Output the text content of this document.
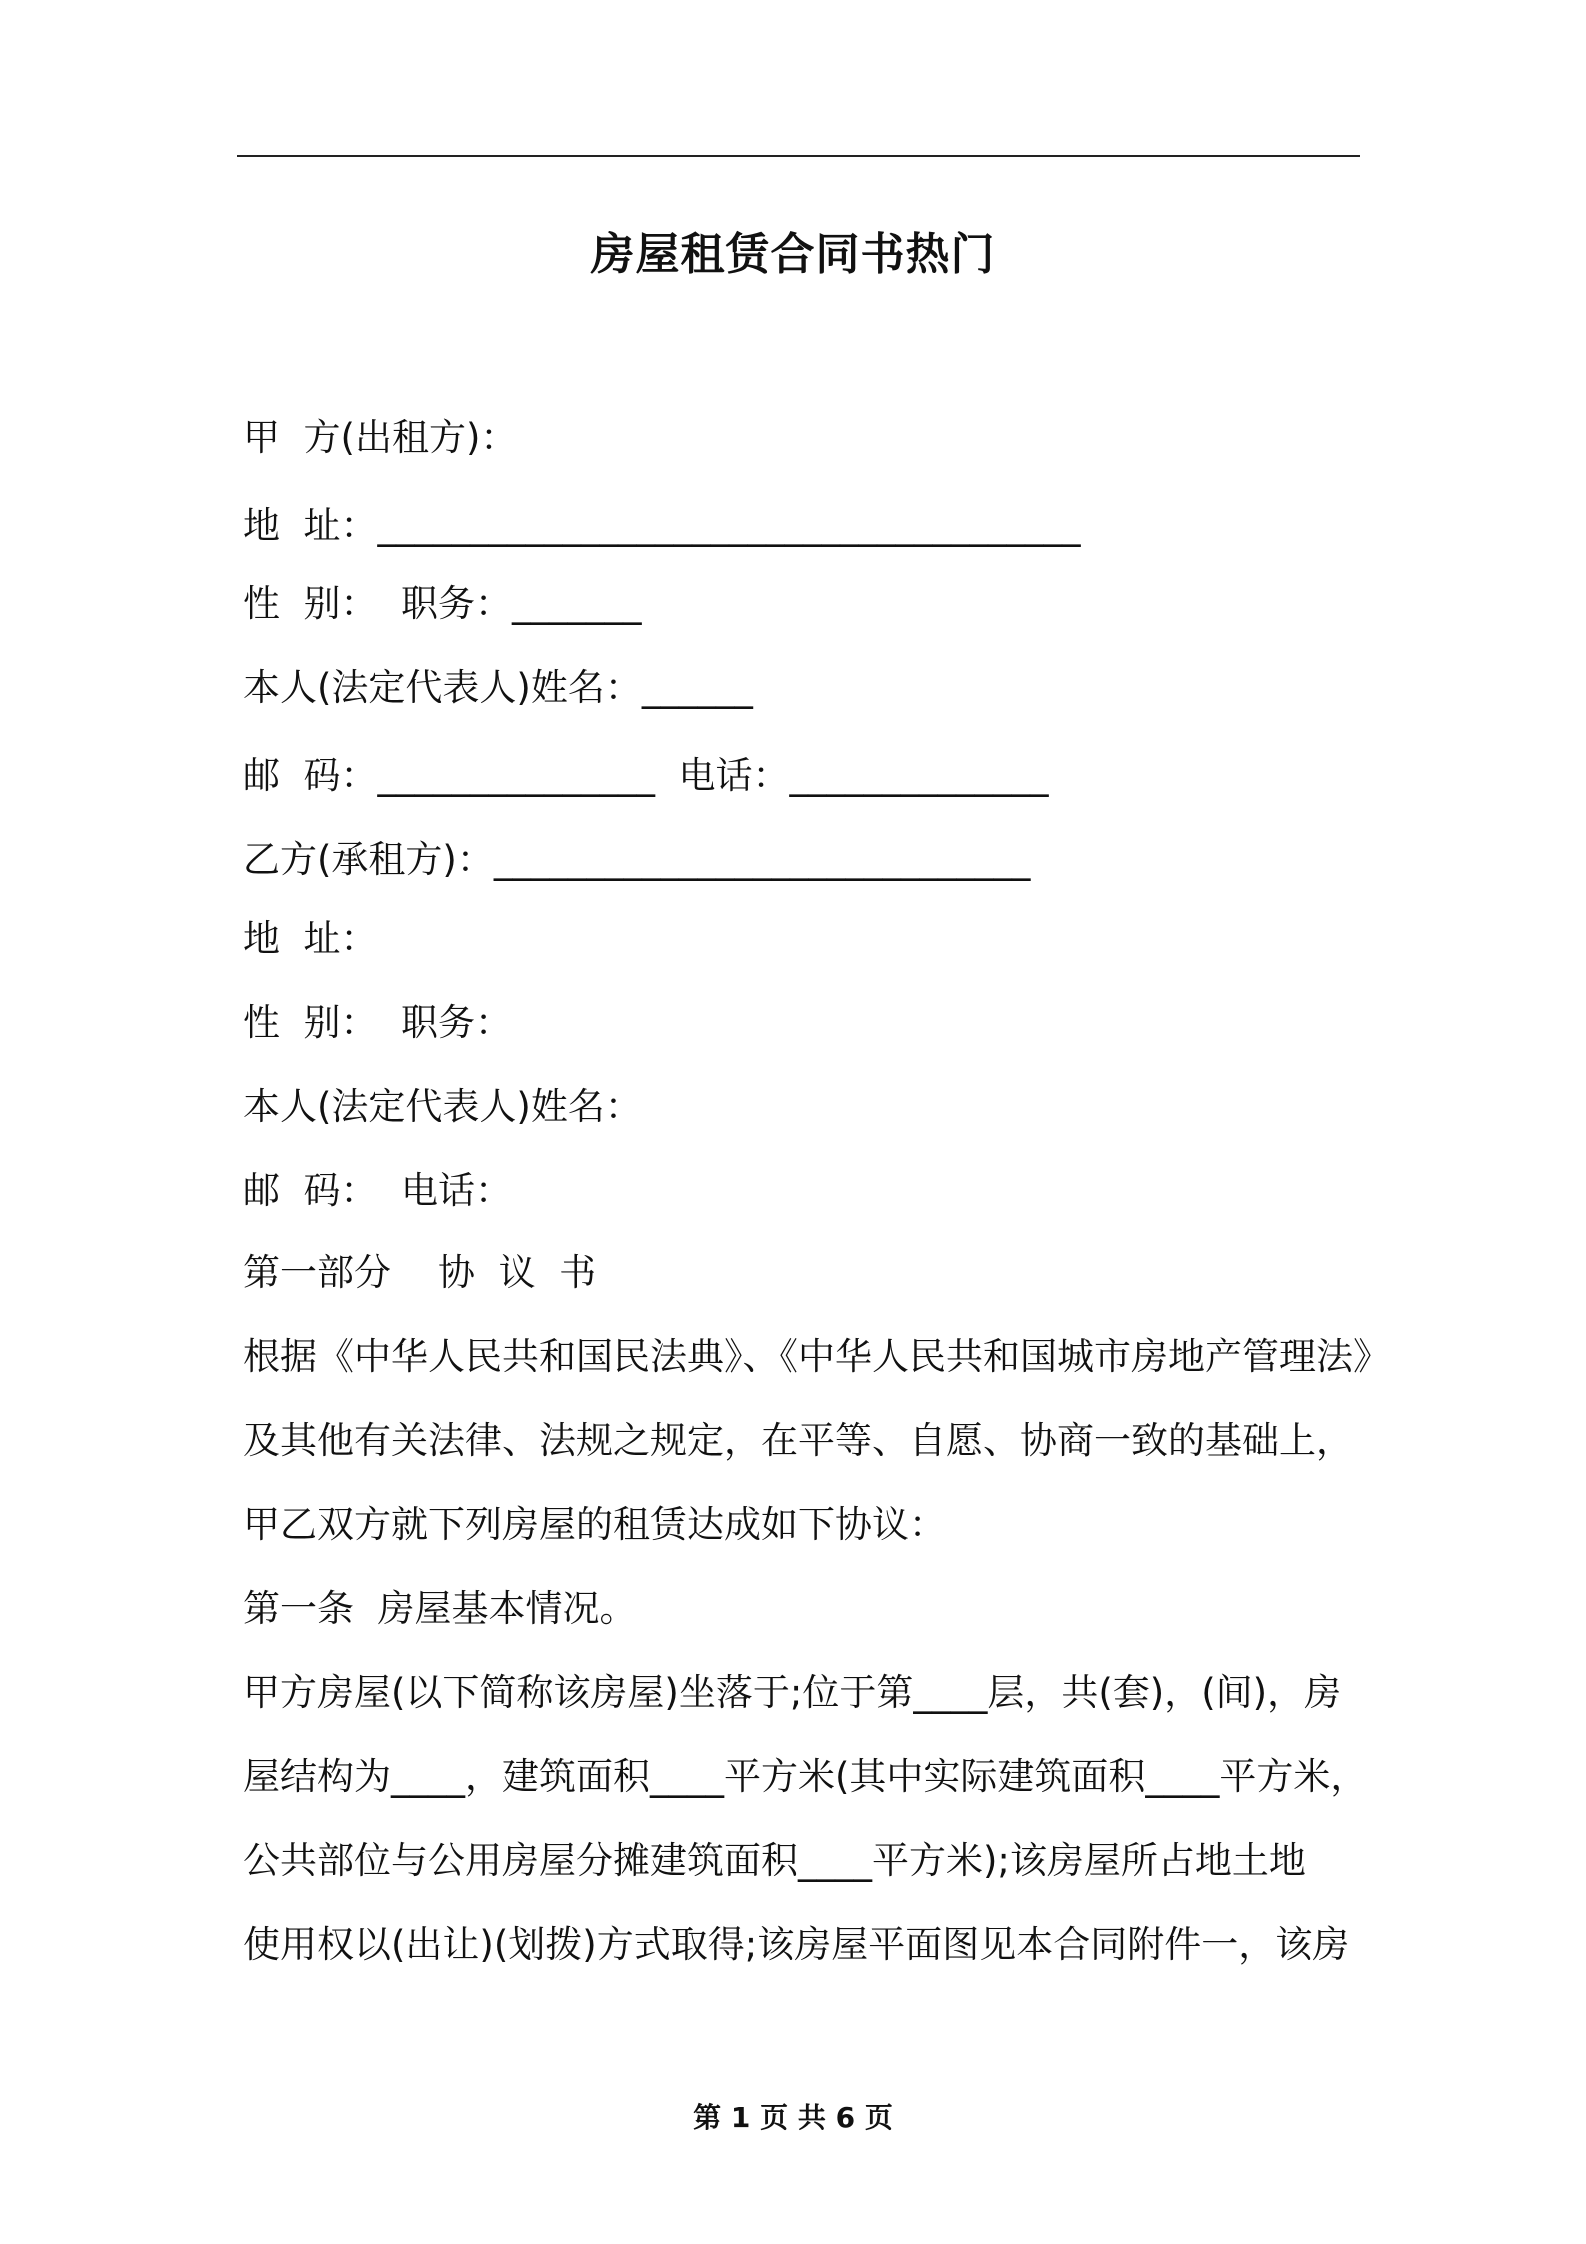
房屋租赁合同书热门
甲  方(出租方)：
地  址：______________________________________
性  别：  职务：_______
本人(法定代表人)姓名：______
邮  码：_______________  电话：______________
乙方(承租方)：_____________________________
地  址：
性  别：  职务：
本人(法定代表人)姓名：
邮  码：  电话：
第一部分    协  议  书
根据《中华人民共和国民法典》、《中华人民共和国城市房地产管理法》
及其他有关法律、法规之规定，在平等、自愿、协商一致的基础上，
甲乙双方就下列房屋的租赁达成如下协议：
第一条  房屋基本情况。
甲方房屋(以下简称该房屋)坐落于;位于第____层，共(套)，(间)，房
屋结构为____，建筑面积____平方米(其中实际建筑面积____平方米，
公共部位与公用房屋分摊建筑面积____平方米);该房屋所占地土地
使用权以(出让)(划拨)方式取得;该房屋平面图见本合同附件一，该房
第 1 页 共 6 页
